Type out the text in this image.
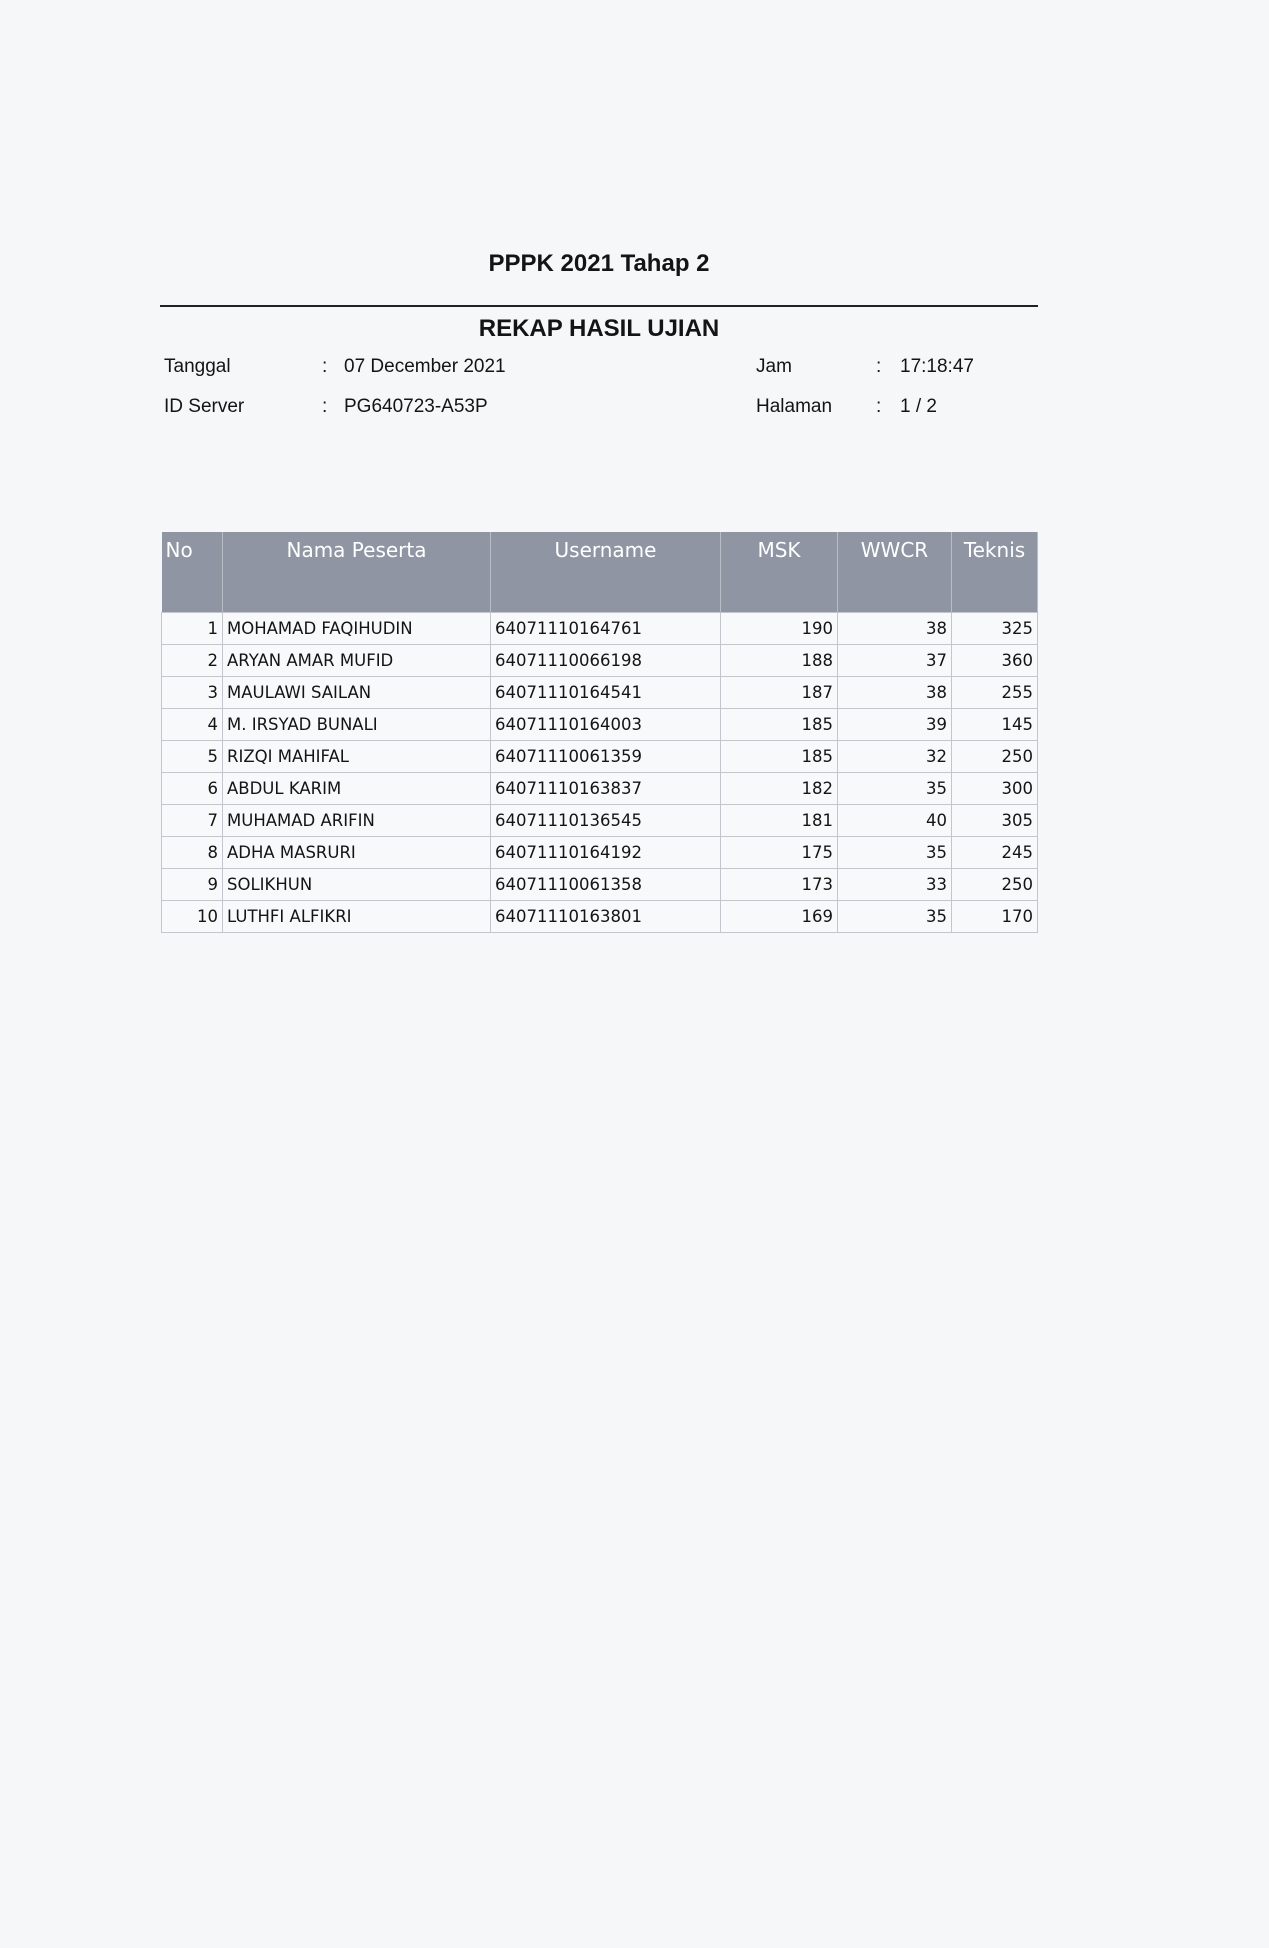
PPPK 2021 Tahap 2
REKAP HASIL UJIAN
Tanggal	: 07 December 2021
ID Server	: PG640723-A53P
Jam	: 17:18:47
Halaman : 1 / 2
No	Nama Peserta	Username	MSK	WWCR	Teknis
1	MOHAMAD FAQIHUDIN	64071110164761	190	38	325
2	ARYAN AMAR MUFID	64071110066198	188	37	360
3	MAULAWI SAILAN	64071110164541	187	38	255
4	M. IRSYAD BUNALI	64071110164003	185	39	145
5	RIZQI MAHIFAL	64071110061359	185	32	250
6	ABDUL KARIM	64071110163837	182	35	300
7	MUHAMAD ARIFIN	64071110136545	181	40	305
8	ADHA MASRURI	64071110164192	175	35	245
9	SOLIKHUN	64071110061358	173	33	250
10	LUTHFI ALFIKRI	64071110163801	169	35	170
